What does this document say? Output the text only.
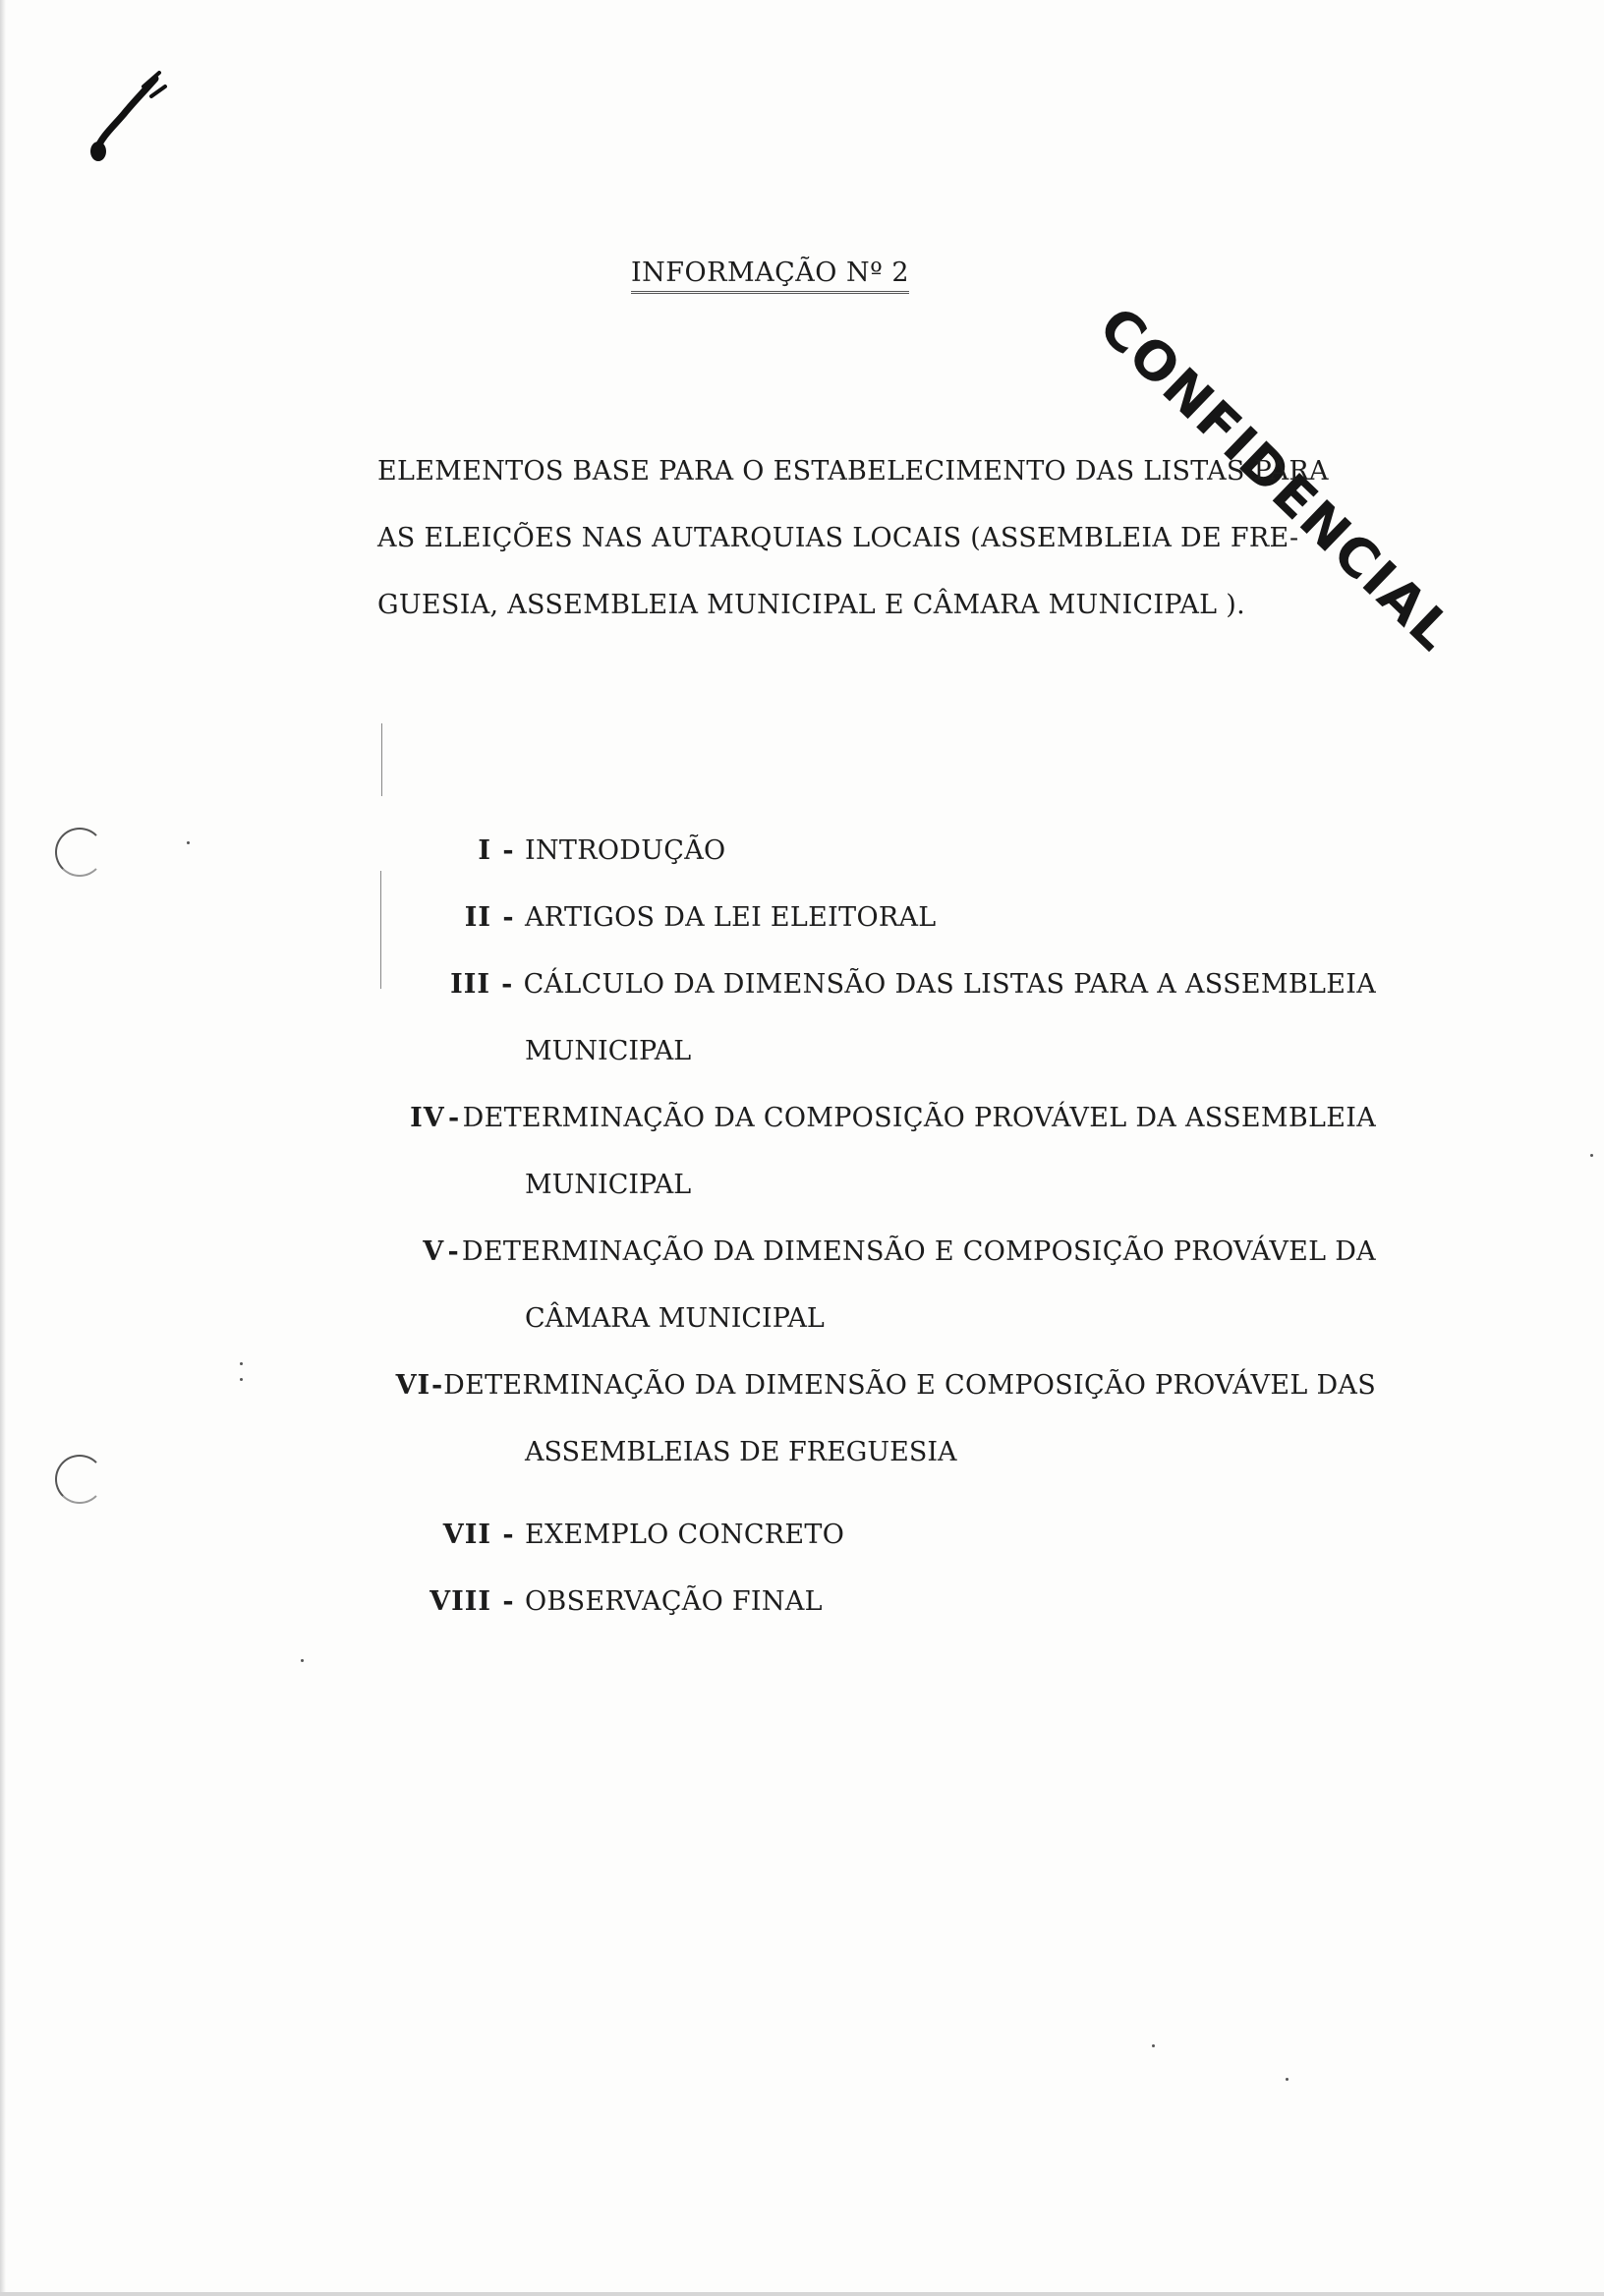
INFORMAÇÃO Nº 2
CONFIDENCIAL
ELEMENTOS BASE PARA O ESTABELECIMENTO DAS LISTAS PARA
AS ELEIÇÕES NAS AUTARQUIAS LOCAIS (ASSEMBLEIA DE FRE-
GUESIA, ASSEMBLEIA MUNICIPAL E CÂMARA MUNICIPAL ).
I - INTRODUÇÃO
II - ARTIGOS DA LEI ELEITORAL
III - CÁLCULO DA DIMENSÃO DAS LISTAS PARA A ASSEMBLEIA
MUNICIPAL
IV - DETERMINAÇÃO DA COMPOSIÇÃO PROVÁVEL DA ASSEMBLEIA
MUNICIPAL
V - DETERMINAÇÃO DA DIMENSÃO E COMPOSIÇÃO PROVÁVEL DA
CÂMARA MUNICIPAL
VI - DETERMINAÇÃO DA DIMENSÃO E COMPOSIÇÃO PROVÁVEL DAS
ASSEMBLEIAS DE FREGUESIA
VII - EXEMPLO CONCRETO
VIII - OBSERVAÇÃO FINAL
